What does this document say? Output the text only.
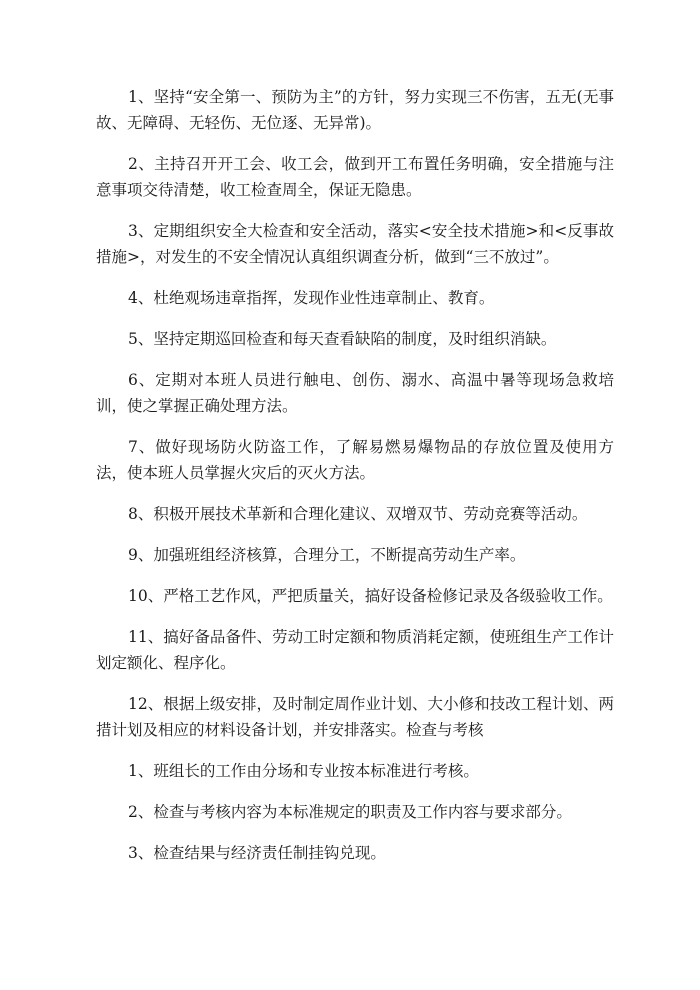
1、坚持“安全第一、预防为主”的方针，努力实现三不伤害，五无(无事故、无障碍、无轻伤、无位逐、无异常)。

2、主持召开开工会、收工会，做到开工布置任务明确，安全措施与注意事项交待清楚，收工检查周全，保证无隐患。

3、定期组织安全大检查和安全活动，落实<安全技术措施>和<反事故措施>，对发生的不安全情况认真组织调查分析，做到“三不放过”。

4、杜绝观场违章指挥，发现作业性违章制止、教育。

5、坚持定期巡回检查和每天查看缺陷的制度，及时组织消缺。

6、定期对本班人员进行触电、创伤、溺水、高温中暑等现场急救培训，使之掌握正确处理方法。

7、做好现场防火防盗工作，了解易燃易爆物品的存放位置及使用方法，使本班人员掌握火灾后的灭火方法。

8、积极开展技术革新和合理化建议、双增双节、劳动竞赛等活动。

9、加强班组经济核算，合理分工，不断提高劳动生产率。

10、严格工艺作风，严把质量关，搞好设备检修记录及各级验收工作。

11、搞好备品备件、劳动工时定额和物质消耗定额，使班组生产工作计划定额化、程序化。

12、根据上级安排，及时制定周作业计划、大小修和技改工程计划、两措计划及相应的材料设备计划，并安排落实。检查与考核

1、班组长的工作由分场和专业按本标准进行考核。

2、检查与考核内容为本标准规定的职责及工作内容与要求部分。

3、检查结果与经济责任制挂钩兑现。
